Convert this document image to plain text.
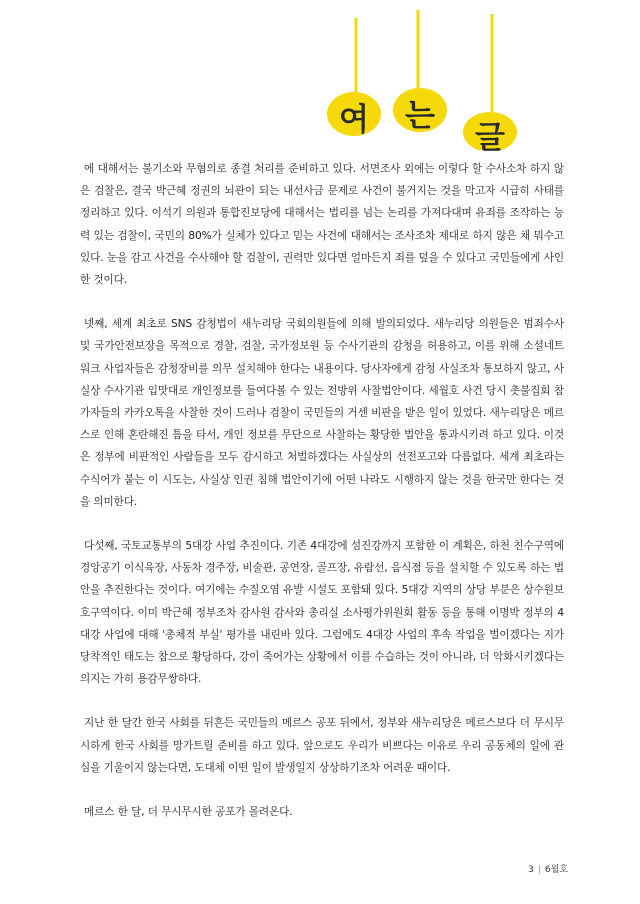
여	는
글

에 대해서는 불기소와 무혐의로 종결 처리를 준비하고 있다. 서면조사 외에는 이렇다 할 수사소차 하지 않은 검찰은, 결국 박근혜 정권의 뇌관이 되는 내선사금 문제로 사건이 불거지는 것을 막고자 시급히 사태를 정리하고 있다. 이석기 의원과 통합진보당에 대해서는 법리를 넘는 논리를 가져다대며 유죄를 조작하는 능력 있는 검찰이, 국민의 80%가 실체가 있다고 믿는 사건에 대해서는 조사조차 제대로 하지 않은 채 뭐수고 있다. 눈을 감고 사건을 수사해야 할 검찰이, 권력만 있다면 얼마든지 죄를 덮을 수 있다고 국민들에게 사인한 것이다.

넷째, 세계 최초로 SNS 감청법이 새누리당 국회의원들에 의해 발의되었다. 새누리당 의원들은 범죄수사 및 국가안전보장을 목적으로 경찰, 검찰, 국가정보원 등 수사기관의 감청을 허용하고, 이를 위해 소셜네트워크 사업자들은 감청장비를 의무 설치해야 한다는 내용이다. 당사자에게 감청 사실조차 통보하지 않고, 사실상 수사기관 입맛대로 개인정보를 들여다볼 수 있는 전방위 사찰법안이다. 세월호 사건 당시 촛불집회 참가자들의 카카오톡을 사찰한 것이 드러나 검찰이 국민들의 거센 비판을 받은 일이 있었다. 새누리당은 메르스로 인해 혼란해진 틈을 타서, 개인 정보를 무단으로 사찰하는 황당한 법안을 통과시키려 하고 있다. 이것은 정부에 비판적인 사람들을 모두 감시하고 처벌하겠다는 사실상의 선전포고와 다름없다. 세계 최초라는 수식어가 붙는 이 시도는, 사실상 인권 침해 법안이기에 어떤 나라도 시행하지 않는 것을 한국만 한다는 것을 의미한다.

다섯째, 국토교통부의 5대강 사업 추진이다. 기존 4대강에 섬진강까지 포함한 이 계획은, 하천 친수구역에 경앙공기 이식육장, 사동차 경주장, 비술관, 공연장, 골프장, 유람선, 음식점 등을 설치할 수 있도록 하는 법안을 추진한다는 것이다. 여기에는 수질오염 유발 시설도 포함돼 있다. 5대강 지역의 상당 부분은 상수원보호구역이다. 이미 박근혜 정부조차 감사원 감사와 총리실 소사평가위원회 활동 등을 통해 이명박 정부의 4대강 사업에 대해 '총체적 부실' 평가를 내린바 있다. 그럼에도 4대강 사업의 후속 작업을 벌이겠다는 지가당착적인 태도는 참으로 황당하다, 강이 죽어가는 상황에서 이를 수습하는 것이 아니라, 더 악화시키겠다는 의지는 가히 용감무쌍하다.

지난 한 달간 한국 사회를 뒤흔든 국민들의 메르스 공포 뒤에서, 정부와 새누리당은 메르스보다 더 무시무시하게 한국 사회를 망가트릴 준비를 하고 있다. 앞으로도 우리가 비쁘다는 이유로 우리 공동체의 일에 관심을 기울이지 않는다면, 도대체 이떤 일이 발생일지 상상하기조차 어려운 때이다.

메르스 한 달, 더 무시무시한 공포가 몰려온다.

3 | 6월호
